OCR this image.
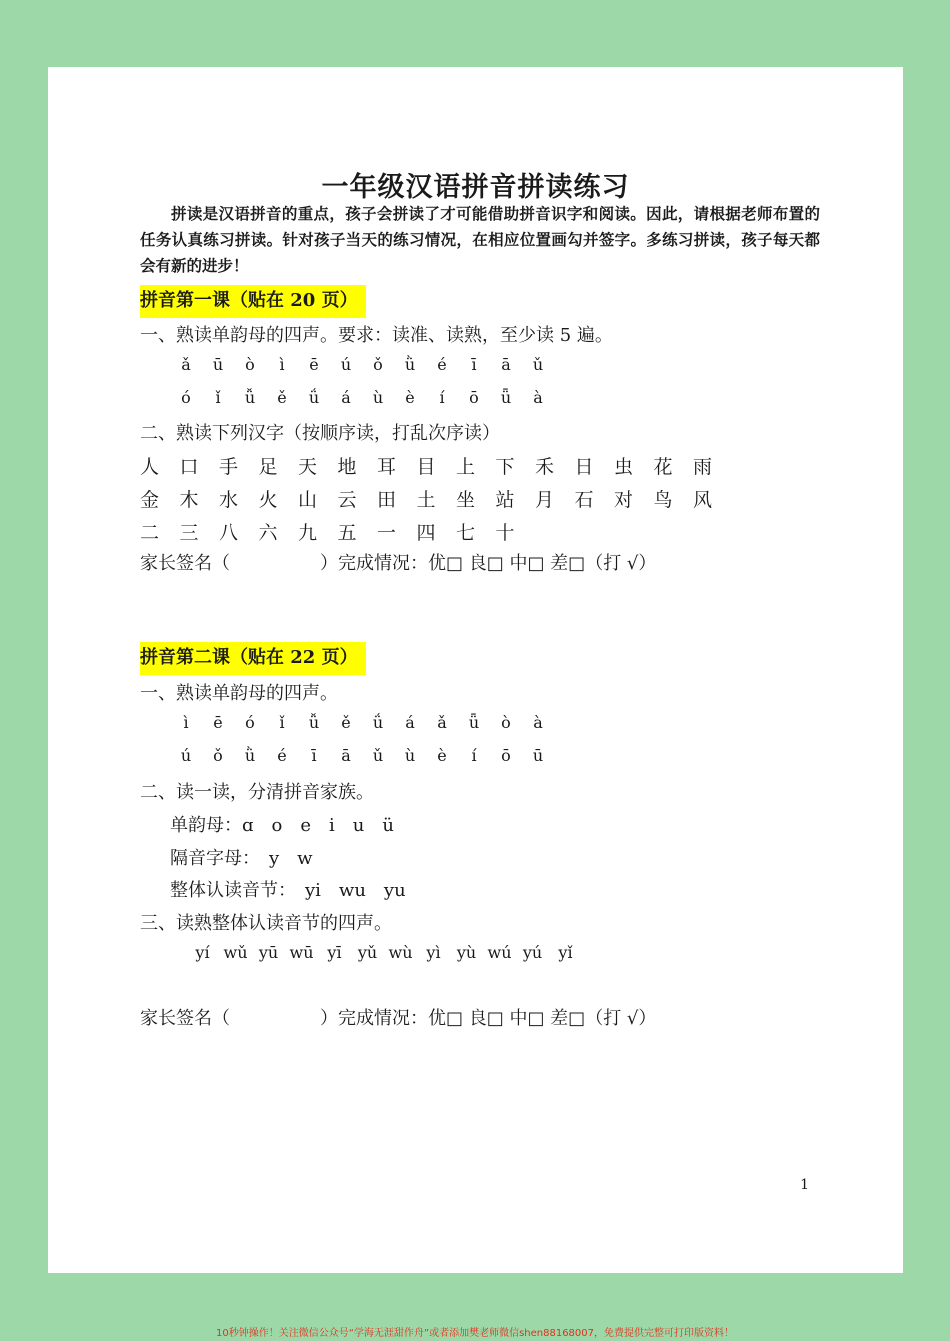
一年级汉语拼音拼读练习
拼读是汉语拼音的重点，孩子会拼读了才可能借助拼音识字和阅读。因此，请根据老师布置的任务认真练习拼读。针对孩子当天的练习情况，在相应位置画勾并签字。多练习拼读，孩子每天都会有新的进步！
拼音第一课（贴在 20 页）
一、熟读单韵母的四声。要求：读准、读熟，至少读 5 遍。
ǎ	ū	ò	ì	ē	ú	ǒ	ǜ	é	ī	ā	ǔ
ó	ǐ	ǚ	ě	ǘ	á	ù	è	í	ō	ǖ	à
二、熟读下列汉字（按顺序读，打乱次序读）
人	口	手	足	天	地	耳	目	上	下	禾	日	虫	花	雨
金	木	水	火	山	云	田	土	坐	站	月	石	对	鸟	风
二	三	八	六	九	五	一	四	七	十
家长签名（	）完成情况：优□ 良□ 中□ 差□（打 √）
拼音第二课（贴在 22 页）
一、熟读单韵母的四声。
ì	ē	ó	ǐ	ǚ	ě	ǘ	á	ǎ	ǖ	ò	à
ú	ǒ	ǜ	é	ī	ā	ǔ	ù	è	í	ō	ū
二、读一读，分清拼音家族。
单韵母：ɑ　o　e　i　u　ü
隔音字母：　y　w
整体认读音节：　yi　wu　yu
三、读熟整体认读音节的四声。
yí wǔ yū wū yī	yǔ wù yì	yù wú yú	yǐ
家长签名（	）完成情况：优□ 良□ 中□ 差□（打 √）
1
10秒钟操作！关注微信公众号“学海无涯甜作舟”或者添加樊老师微信shen88168007，免费提供完整可打印版资料！
